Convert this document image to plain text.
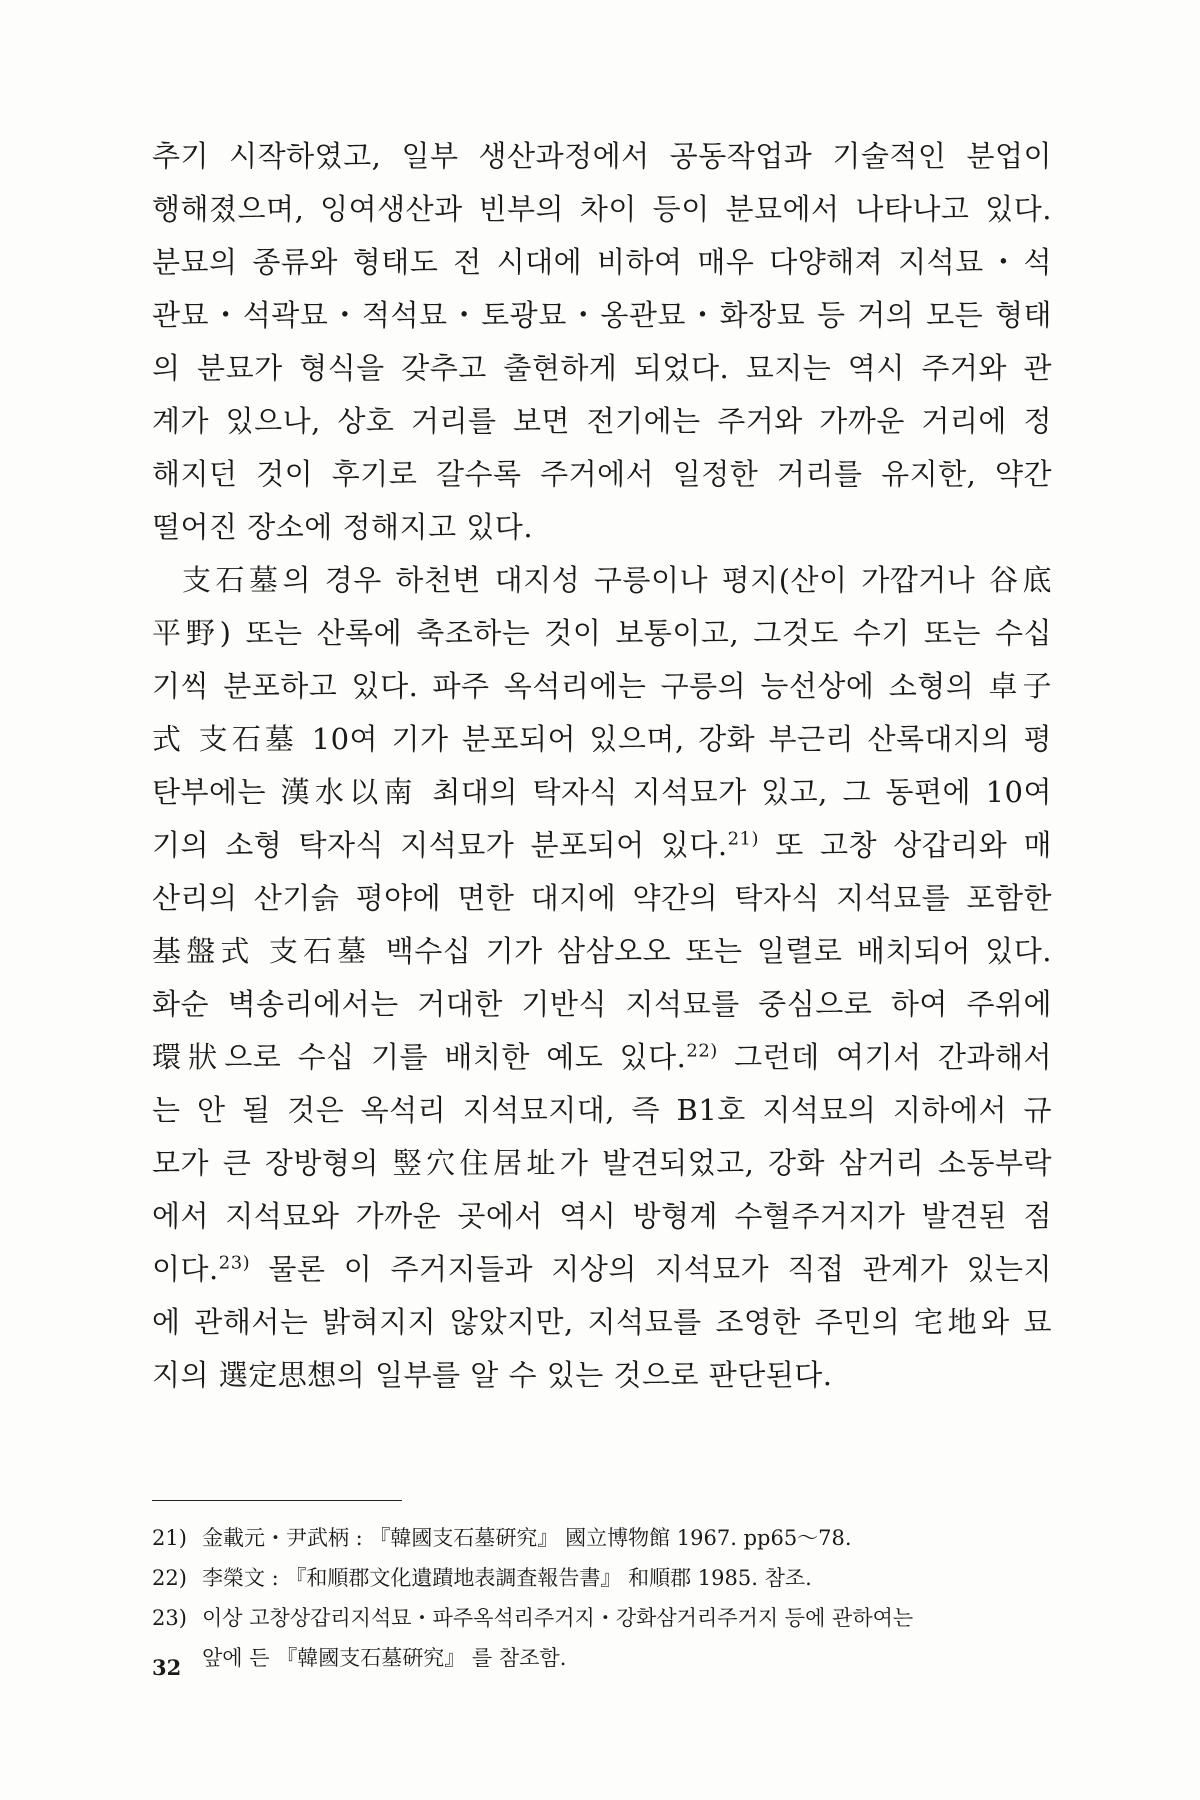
추기 시작하였고, 일부 생산과정에서 공동작업과 기술적인 분업이
행해졌으며, 잉여생산과 빈부의 차이 등이 분묘에서 나타나고 있다.
분묘의 종류와 형태도 전 시대에 비하여 매우 다양해져 지석묘・석
관묘・석곽묘・적석묘・토광묘・옹관묘・화장묘 등 거의 모든 형태
의 분묘가 형식을 갖추고 출현하게 되었다. 묘지는 역시 주거와 관
계가 있으나, 상호 거리를 보면 전기에는 주거와 가까운 거리에 정
해지던 것이 후기로 갈수록 주거에서 일정한 거리를 유지한, 약간
떨어진 장소에 정해지고 있다.

支石墓의 경우 하천변 대지성 구릉이나 평지(산이 가깝거나 谷底
平野) 또는 산록에 축조하는 것이 보통이고, 그것도 수기 또는 수십
기씩 분포하고 있다. 파주 옥석리에는 구릉의 능선상에 소형의 卓子
式 支石墓 10여 기가 분포되어 있으며, 강화 부근리 산록대지의 평
탄부에는 漢水以南 최대의 탁자식 지석묘가 있고, 그 동편에 10여
기의 소형 탁자식 지석묘가 분포되어 있다.$^{21)}$ 또 고창 상갑리와 매
산리의 산기슭 평야에 면한 대지에 약간의 탁자식 지석묘를 포함한
基盤式 支石墓 백수십 기가 삼삼오오 또는 일렬로 배치되어 있다.
화순 벽송리에서는 거대한 기반식 지석묘를 중심으로 하여 주위에
環狀으로 수십 기를 배치한 예도 있다.$^{22)}$ 그런데 여기서 간과해서
는 안 될 것은 옥석리 지석묘지대, 즉 B1호 지석묘의 지하에서 규
모가 큰 장방형의 竪穴住居址가 발견되었고, 강화 삼거리 소동부락
에서 지석묘와 가까운 곳에서 역시 방형계 수혈주거지가 발견된 점
이다.$^{23)}$ 물론 이 주거지들과 지상의 지석묘가 직접 관계가 있는지
에 관해서는 밝혀지지 않았지만, 지석묘를 조영한 주민의 宅地와 묘
지의 選定思想의 일부를 알 수 있는 것으로 판단된다.

21) 金載元・尹武柄 : 『韓國支石墓硏究』 國立博物館 1967. pp65～78.
22) 李榮文 : 『和順郡文化遺蹟地表調査報告書』 和順郡 1985. 참조.
23) 이상 고창상갑리지석묘・파주옥석리주거지・강화삼거리주거지 등에 관하여는
앞에 든 『韓國支石墓硏究』 를 참조함.
32
